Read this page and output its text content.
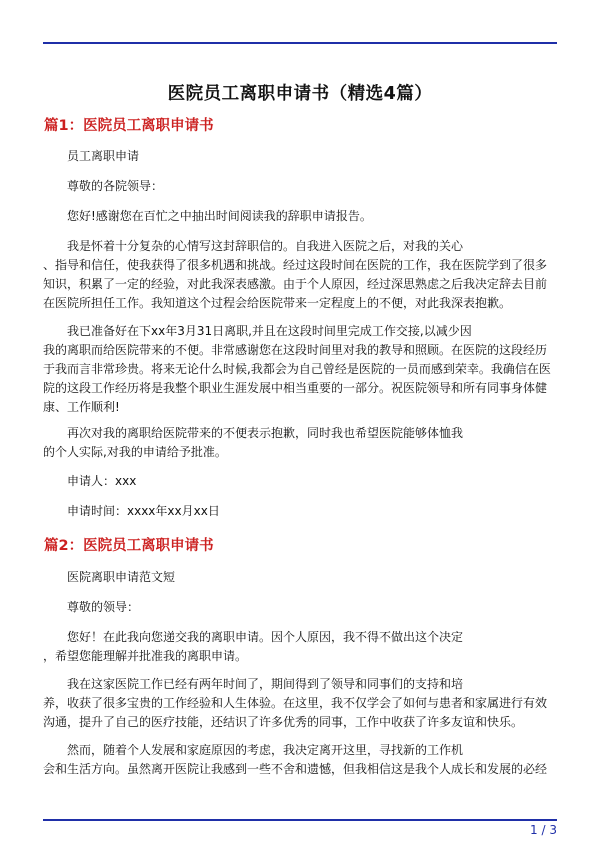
医院员工离职申请书（精选4篇）
篇1：医院员工离职申请书
员工离职申请
尊敬的各院领导：
您好!感谢您在百忙之中抽出时间阅读我的辞职申请报告。
我是怀着十分复杂的心情写这封辞职信的。自我进入医院之后，对我的关心
、指导和信任，使我获得了很多机遇和挑战。经过这段时间在医院的工作，我在医院学到了很多
知识，积累了一定的经验，对此我深表感激。由于个人原因，经过深思熟虑之后我决定辞去目前
在医院所担任工作。我知道这个过程会给医院带来一定程度上的不便，对此我深表抱歉。
我已准备好在下xx年3月31日离职,并且在这段时间里完成工作交接,以减少因
我的离职而给医院带来的不便。非常感谢您在这段时间里对我的教导和照顾。在医院的这段经历
于我而言非常珍贵。将来无论什么时候,我都会为自己曾经是医院的一员而感到荣幸。我确信在医
院的这段工作经历将是我整个职业生涯发展中相当重要的一部分。祝医院领导和所有同事身体健
康、工作顺利!
再次对我的离职给医院带来的不便表示抱歉，同时我也希望医院能够体恤我
的个人实际,对我的申请给予批准。
申请人：xxx
申请时间：xxxx年xx月xx日
篇2：医院员工离职申请书
医院离职申请范文短
尊敬的领导：
您好！在此我向您递交我的离职申请。因个人原因，我不得不做出这个决定
，希望您能理解并批准我的离职申请。
我在这家医院工作已经有两年时间了，期间得到了领导和同事们的支持和培
养，收获了很多宝贵的工作经验和人生体验。在这里，我不仅学会了如何与患者和家属进行有效
沟通，提升了自己的医疗技能，还结识了许多优秀的同事，工作中收获了许多友谊和快乐。
然而，随着个人发展和家庭原因的考虑，我决定离开这里，寻找新的工作机
会和生活方向。虽然离开医院让我感到一些不舍和遗憾，但我相信这是我个人成长和发展的必经
1 / 3
